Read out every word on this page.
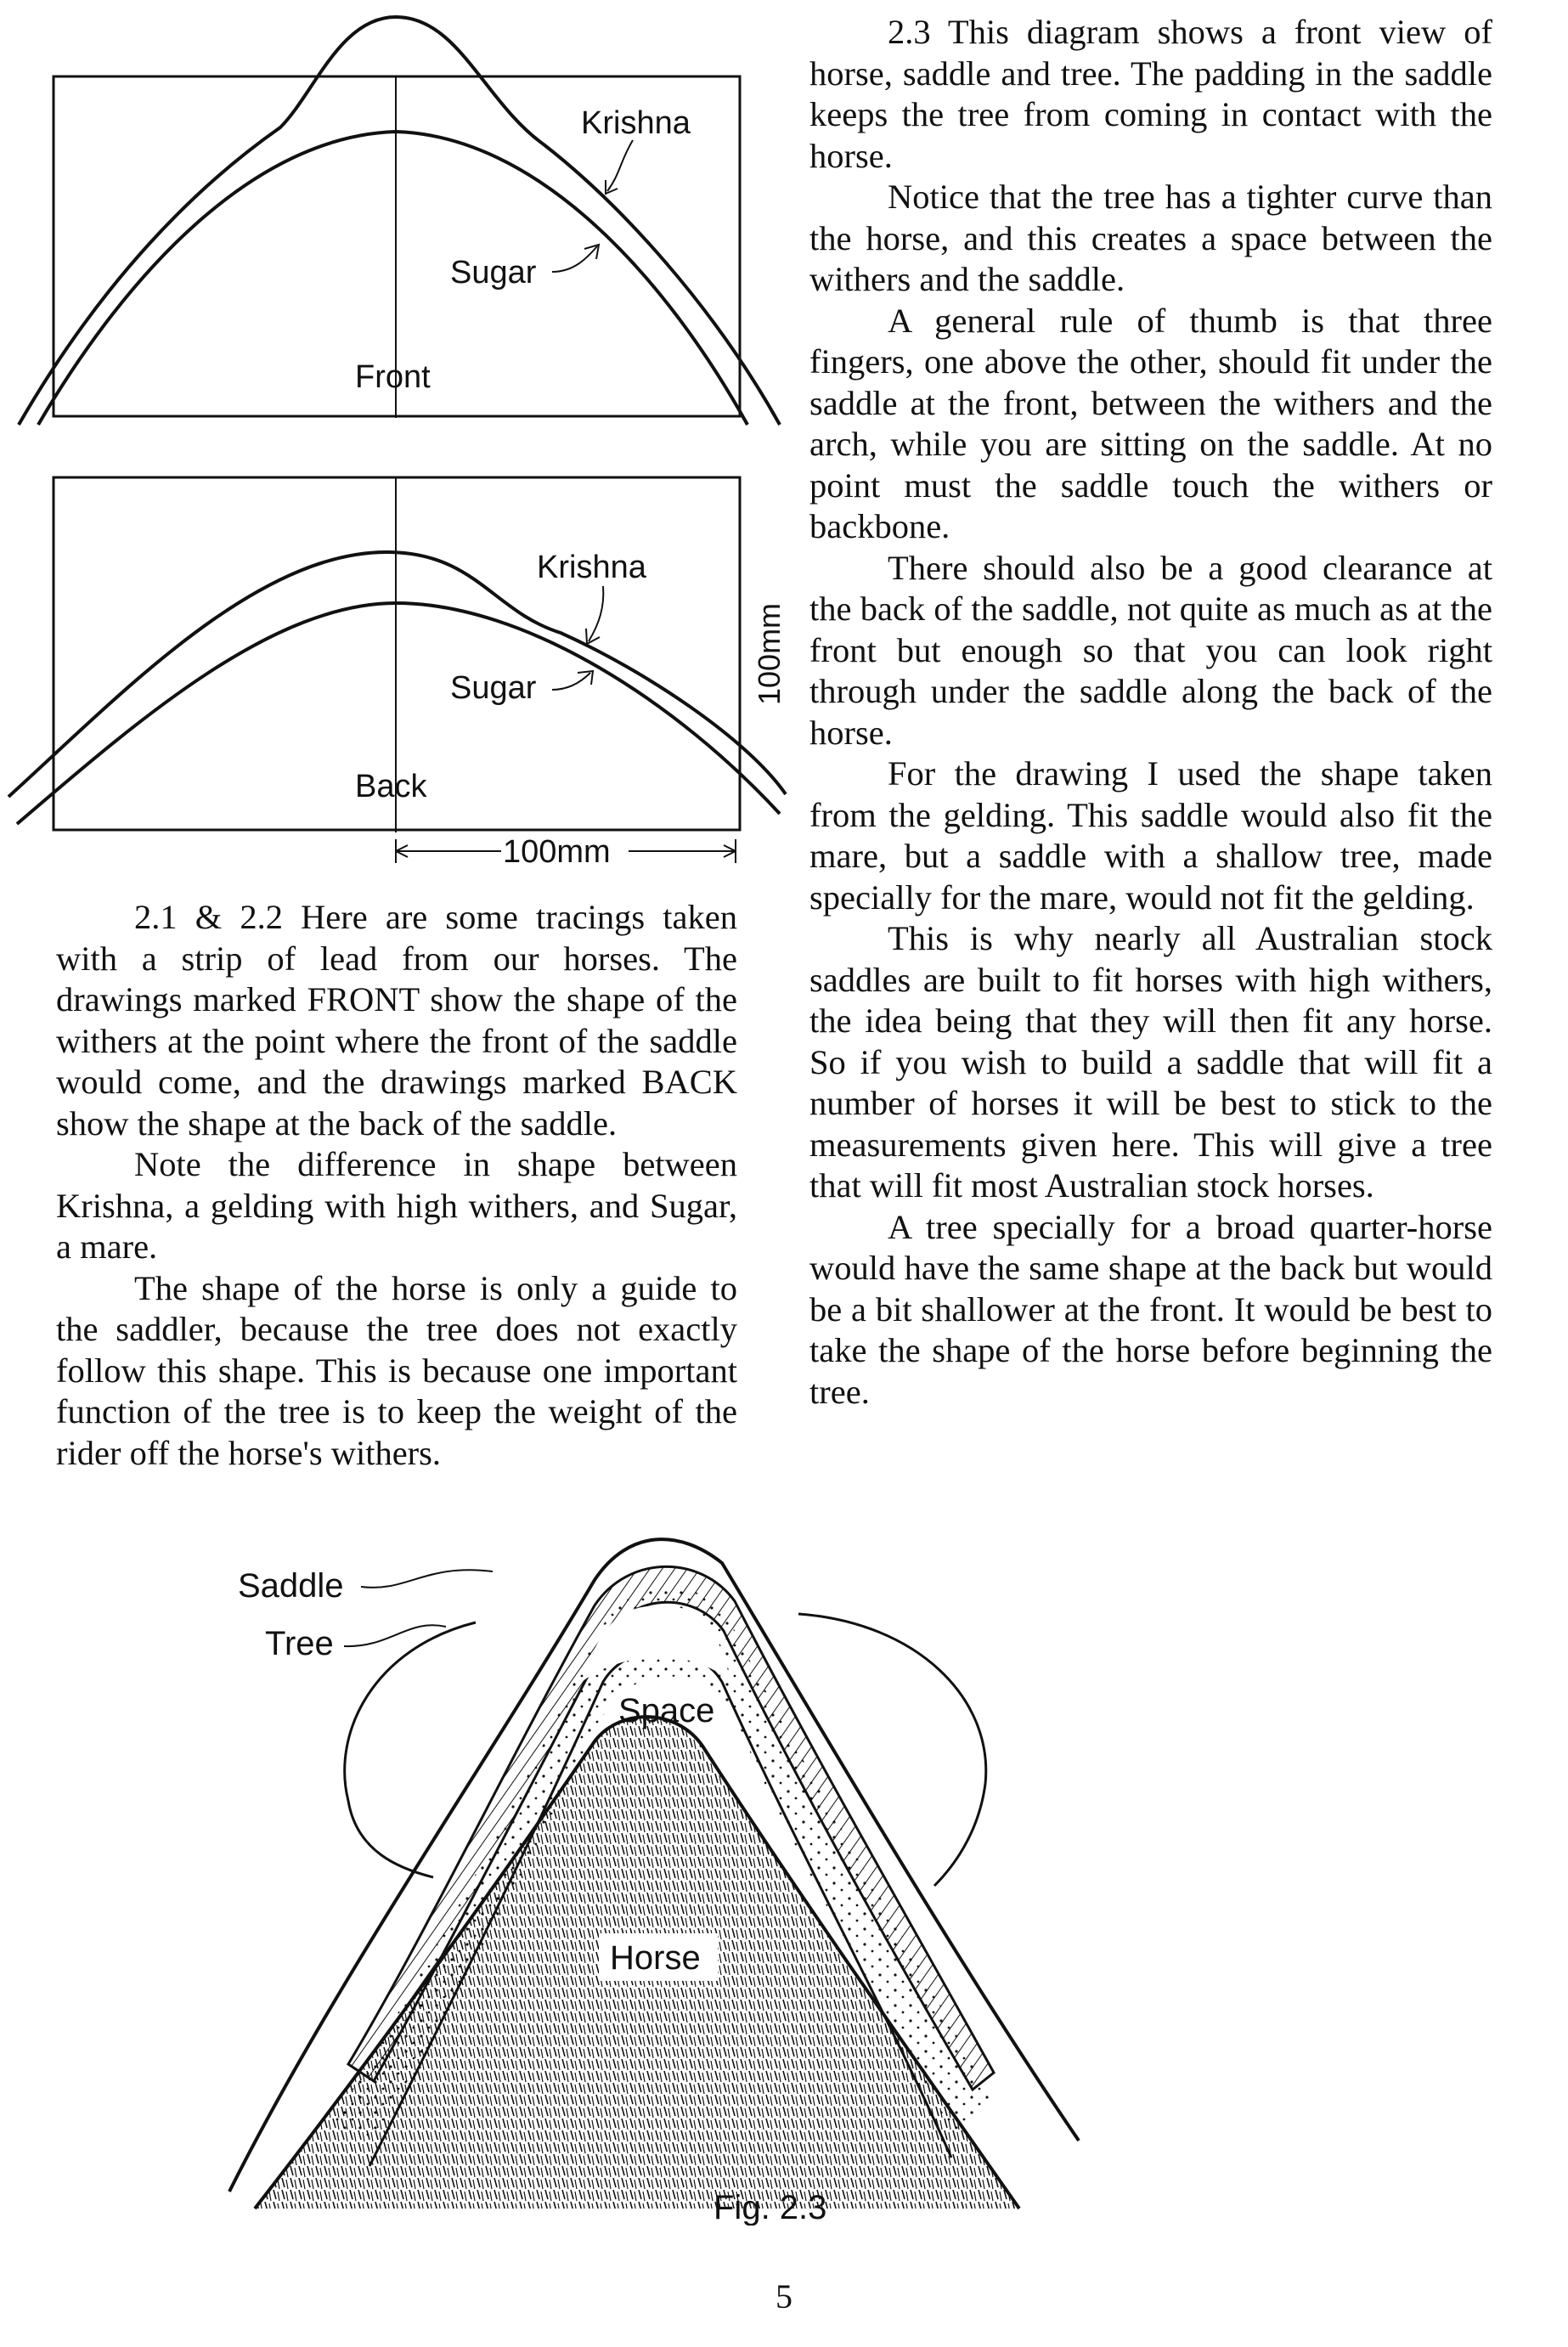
Krishna
Sugar
Front
Krishna
Sugar
Back
100mm
100mm

2.1 & 2.2 Here are some tracings taken with a strip of lead from our horses. The drawings marked FRONT show the shape of the withers at the point where the front of the saddle would come, and the drawings marked BACK show the shape at the back of the saddle.

Note the difference in shape between Krishna, a gelding with high withers, and Sugar, a mare.

The shape of the horse is only a guide to the saddler, because the tree does not exactly follow this shape. This is because one important function of the tree is to keep the weight of the rider off the horse's withers.

2.3 This diagram shows a front view of horse, saddle and tree. The padding in the saddle keeps the tree from coming in contact with the horse.

Notice that the tree has a tighter curve than the horse, and this creates a space between the withers and the saddle.

A general rule of thumb is that three fingers, one above the other, should fit under the saddle at the front, between the withers and the arch, while you are sitting on the saddle. At no point must the saddle touch the withers or backbone.

There should also be a good clearance at the back of the saddle, not quite as much as at the front but enough so that you can look right through under the saddle along the back of the horse.

For the drawing I used the shape taken from the gelding. This saddle would also fit the mare, but a saddle with a shallow tree, made specially for the mare, would not fit the gelding.

This is why nearly all Australian stock saddles are built to fit horses with high withers, the idea being that they will then fit any horse. So if you wish to build a saddle that will fit a number of horses it will be best to stick to the measurements given here. This will give a tree that will fit most Australian stock horses.

A tree specially for a broad quarter-horse would have the same shape at the back but would be a bit shallower at the front. It would be best to take the shape of the horse before beginning the tree.

Saddle
Tree
Space
Horse
Fig. 2.3
5
